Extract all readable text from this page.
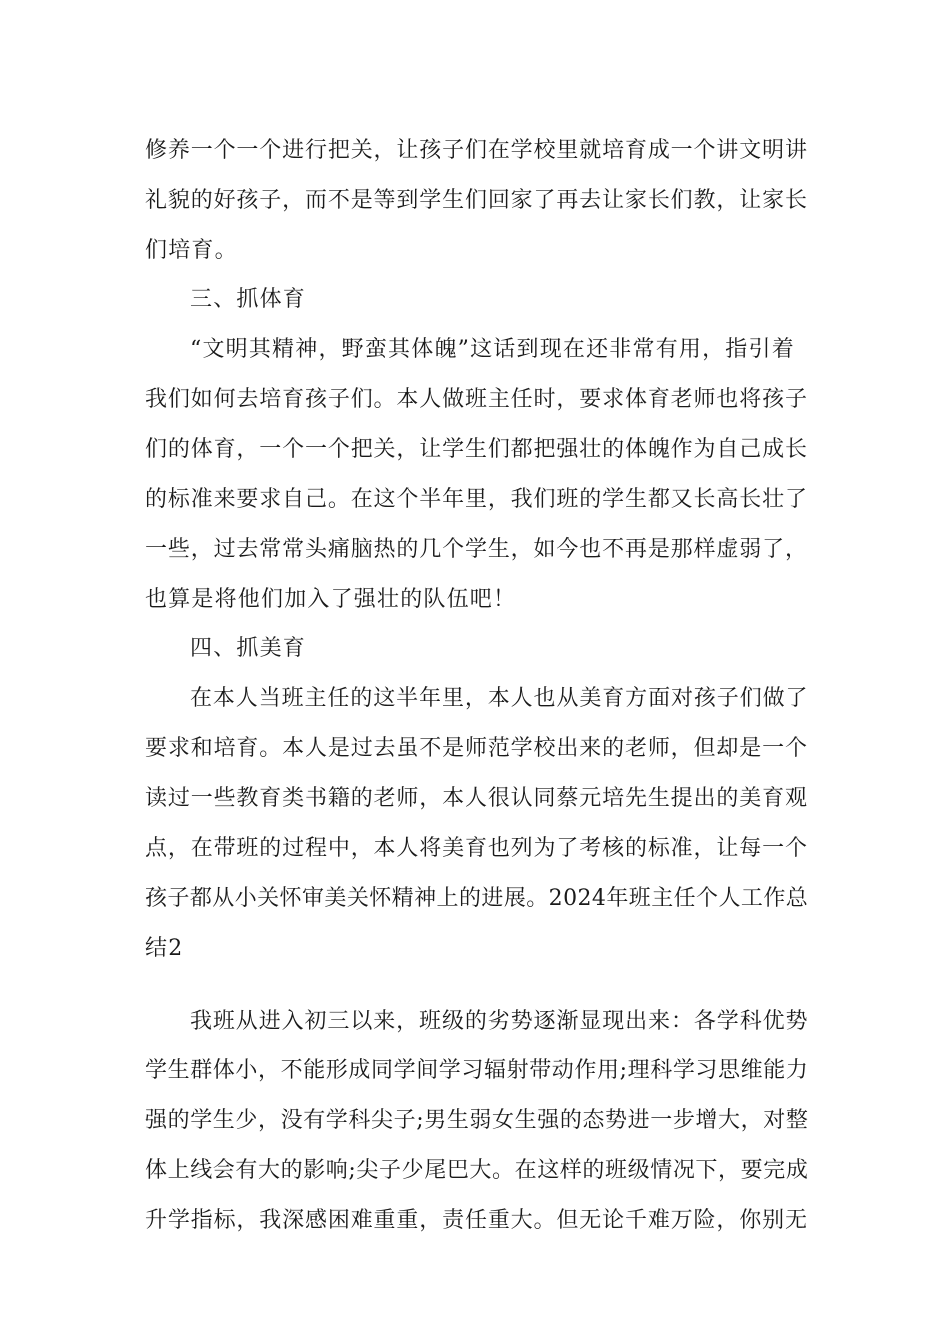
修养一个一个进行把关，让孩子们在学校里就培育成一个讲文明讲
礼貌的好孩子，而不是等到学生们回家了再去让家长们教，让家长
们培育。
三、抓体育
“文明其精神，野蛮其体魄”这话到现在还非常有用，指引着
我们如何去培育孩子们。本人做班主任时，要求体育老师也将孩子
们的体育，一个一个把关，让学生们都把强壮的体魄作为自己成长
的标准来要求自己。在这个半年里，我们班的学生都又长高长壮了
一些，过去常常头痛脑热的几个学生，如今也不再是那样虚弱了，
也算是将他们加入了强壮的队伍吧！
四、抓美育
在本人当班主任的这半年里，本人也从美育方面对孩子们做了
要求和培育。本人是过去虽不是师范学校出来的老师，但却是一个
读过一些教育类书籍的老师，本人很认同蔡元培先生提出的美育观
点，在带班的过程中，本人将美育也列为了考核的标准，让每一个
孩子都从小关怀审美关怀精神上的进展。2024年班主任个人工作总
结2
我班从进入初三以来，班级的劣势逐渐显现出来：各学科优势
学生群体小，不能形成同学间学习辐射带动作用;理科学习思维能力
强的学生少，没有学科尖子;男生弱女生强的态势进一步增大，对整
体上线会有大的影响;尖子少尾巴大。在这样的班级情况下，要完成
升学指标，我深感困难重重，责任重大。但无论千难万险，你别无
